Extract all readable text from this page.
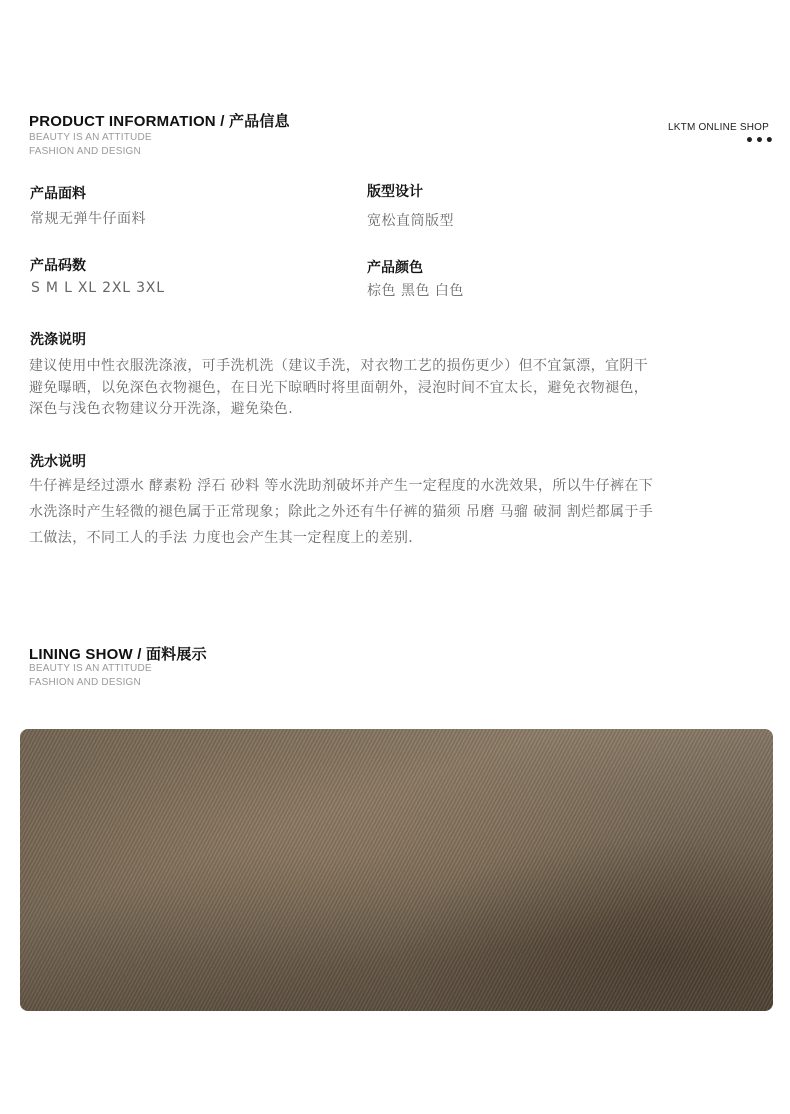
PRODUCT INFORMATION / 产品信息
BEAUTY IS AN ATTITUDE
FASHION AND DESIGN
LKTM ONLINE SHOP
•••
产品面料
常规无弹牛仔面料
版型设计
宽松直筒版型
产品码数
S M L XL 2XL 3XL
产品颜色
棕色 黑色 白色
洗涤说明
建议使用中性衣服洗涤液，可手洗机洗（建议手洗，对衣物工艺的损伤更少）但不宜氯漂，宜阴干
避免曝晒，以免深色衣物褪色，在日光下晾晒时将里面朝外，浸泡时间不宜太长，避免衣物褪色，
深色与浅色衣物建议分开洗涤，避免染色.
洗水说明
牛仔裤是经过漂水 酵素粉 浮石 砂料 等水洗助剂破坏并产生一定程度的水洗效果，所以牛仔裤在下
水洗涤时产生轻微的褪色属于正常现象；除此之外还有牛仔裤的猫须 吊磨 马骝 破洞 割烂都属于手
工做法，不同工人的手法 力度也会产生其一定程度上的差别.
LINING SHOW / 面料展示
BEAUTY IS AN ATTITUDE
FASHION AND DESIGN
